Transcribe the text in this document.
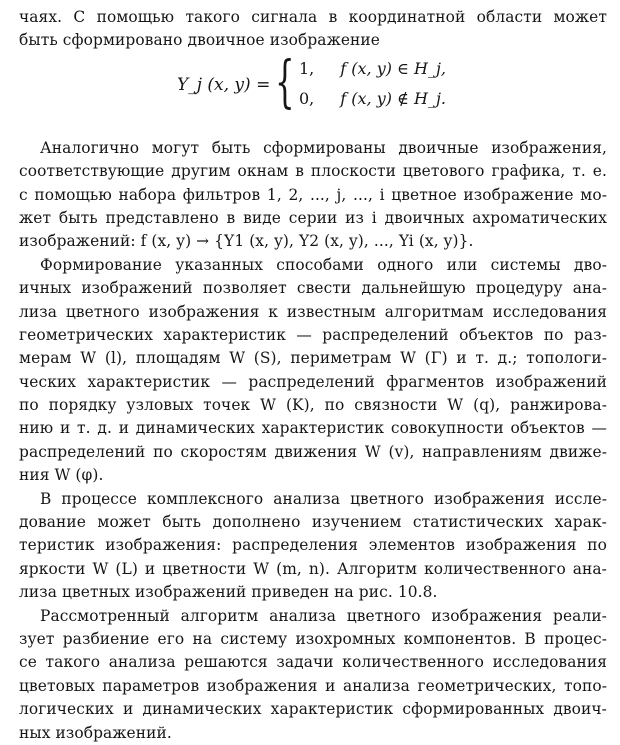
чаях. С помощью такого сигнала в координатной области может
быть сформировано двоичное изображение
Y_j (x, y) = { 1, f (x, y) ∈ H_j,
0, f (x, y) ∉ H_j.
Аналогично могут быть сформированы двоичные изображения,
соответствующие другим окнам в плоскости цветового графика, т. е.
с помощью набора фильтров 1, 2, ..., j, ..., i цветное изображение мо-
жет быть представлено в виде серии из i двоичных ахроматических
изображений: f (x, y) → {Y1 (x, y), Y2 (x, y), ..., Yi (x, y)}.
Формирование указанных способами одного или системы дво-
ичных изображений позволяет свести дальнейшую процедуру ана-
лиза цветного изображения к известным алгоритмам исследования
геометрических характеристик — распределений объектов по раз-
мерам W (l), площадям W (S), периметрам W (Γ) и т. д.; топологи-
ческих характеристик — распределений фрагментов изображений
по порядку узловых точек W (K), по связности W (q), ранжирова-
нию и т. д. и динамических характеристик совокупности объектов —
распределений по скоростям движения W (v), направлениям движе-
ния W (φ).
В процессе комплексного анализа цветного изображения иссле-
дование может быть дополнено изучением статистических харак-
теристик изображения: распределения элементов изображения по
яркости W (L) и цветности W (m, n). Алгоритм количественного ана-
лиза цветных изображений приведен на рис. 10.8.
Рассмотренный алгоритм анализа цветного изображения реали-
зует разбиение его на систему изохромных компонентов. В процес-
се такого анализа решаются задачи количественного исследования
цветовых параметров изображения и анализа геометрических, топо-
логических и динамических характеристик сформированных двоич-
ных изображений.
